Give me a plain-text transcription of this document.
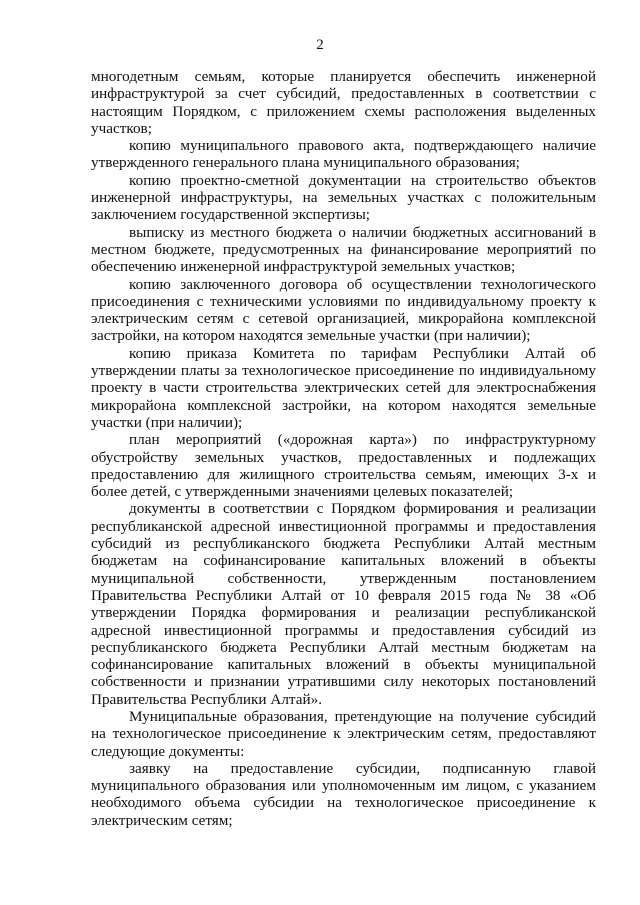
2

многодетным семьям, которые планируется обеспечить инженерной инфраструктурой за счет субсидий, предоставленных в соответствии с настоящим Порядком, с приложением схемы расположения выделенных участков;

копию муниципального правового акта, подтверждающего наличие утвержденного генерального плана муниципального образования;

копию проектно-сметной документации на строительство объектов инженерной инфраструктуры, на земельных участках с положительным заключением государственной экспертизы;

выписку из местного бюджета о наличии бюджетных ассигнований в местном бюджете, предусмотренных на финансирование мероприятий по обеспечению инженерной инфраструктурой земельных участков;

копию заключенного договора об осуществлении технологического присоединения с техническими условиями по индивидуальному проекту к электрическим сетям с сетевой организацией, микрорайона комплексной застройки, на котором находятся земельные участки (при наличии);

копию приказа Комитета по тарифам Республики Алтай об утверждении платы за технологическое присоединение по индивидуальному проекту в части строительства электрических сетей для электроснабжения микрорайона комплексной застройки, на котором находятся земельные участки (при наличии);

план мероприятий («дорожная карта») по инфраструктурному обустройству земельных участков, предоставленных и подлежащих предоставлению для жилищного строительства семьям, имеющих 3-х и более детей, с утвержденными значениями целевых показателей;

документы в соответствии с Порядком формирования и реализации республиканской адресной инвестиционной программы и предоставления субсидий из республиканского бюджета Республики Алтай местным бюджетам на софинансирование капитальных вложений в объекты муниципальной собственности, утвержденным постановлением Правительства Республики Алтай от 10 февраля 2015 года № 38 «Об утверждении Порядка формирования и реализации республиканской адресной инвестиционной программы и предоставления субсидий из республиканского бюджета Республики Алтай местным бюджетам на софинансирование капитальных вложений в объекты муниципальной собственности и признании утратившими силу некоторых постановлений Правительства Республики Алтай».

Муниципальные образования, претендующие на получение субсидий на технологическое присоединение к электрическим сетям, предоставляют следующие документы:

заявку на предоставление субсидии, подписанную главой муниципального образования или уполномоченным им лицом, с указанием необходимого объема субсидии на технологическое присоединение к электрическим сетям;
